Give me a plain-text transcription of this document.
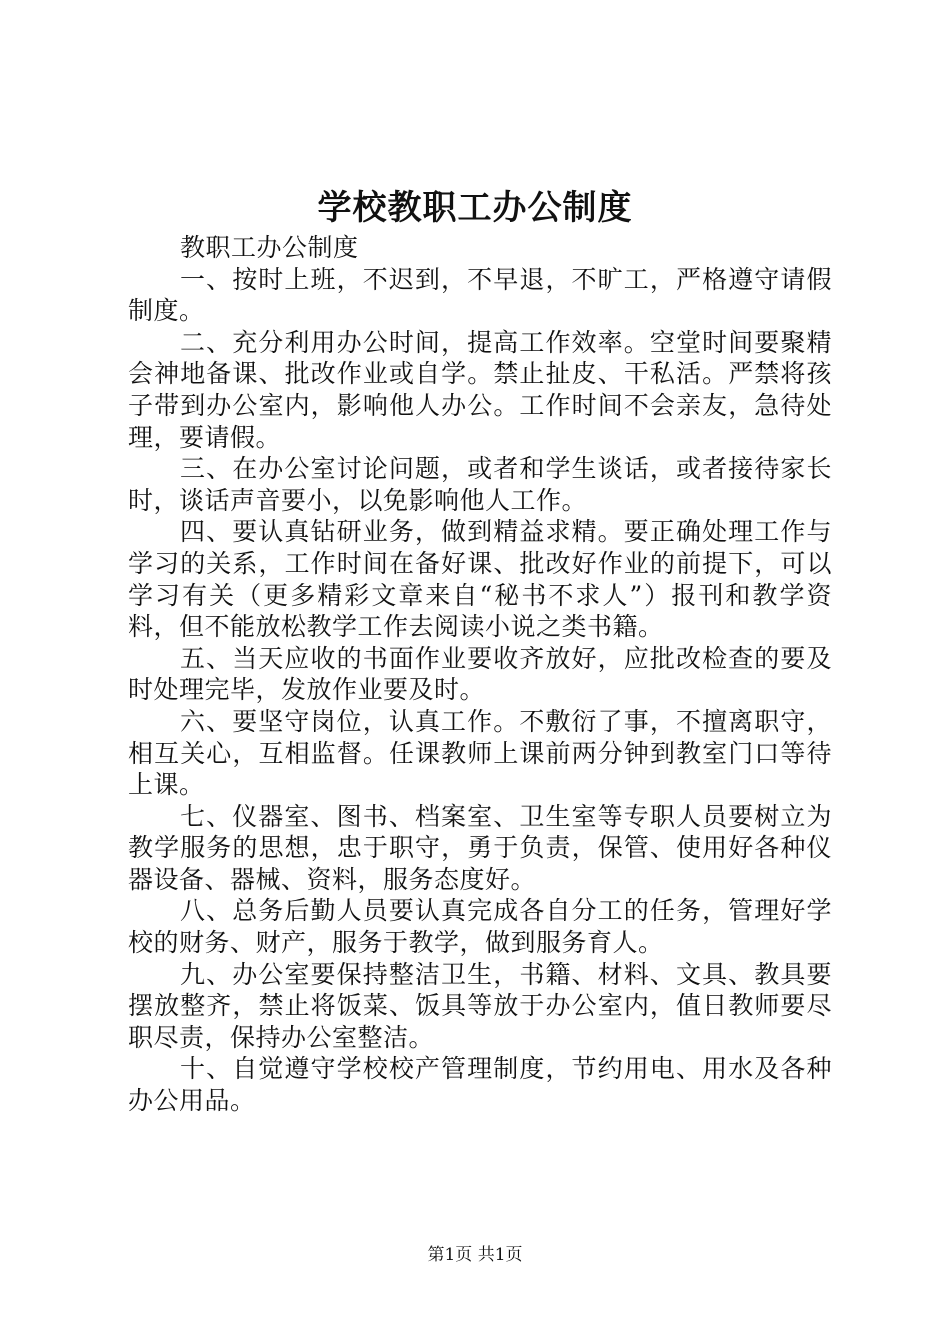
学校教职工办公制度

教职工办公制度

一、按时上班，不迟到，不早退，不旷工，严格遵守请假制度。

二、充分利用办公时间，提高工作效率。空堂时间要聚精会神地备课、批改作业或自学。禁止扯皮、干私活。严禁将孩子带到办公室内，影响他人办公。工作时间不会亲友，急待处理，要请假。

三、在办公室讨论问题，或者和学生谈话，或者接待家长时，谈话声音要小，以免影响他人工作。

四、要认真钻研业务，做到精益求精。要正确处理工作与学习的关系，工作时间在备好课、批改好作业的前提下，可以学习有关（更多精彩文章来自“秘书不求人”）报刊和教学资料，但不能放松教学工作去阅读小说之类书籍。

五、当天应收的书面作业要收齐放好，应批改检查的要及时处理完毕，发放作业要及时。

六、要坚守岗位，认真工作。不敷衍了事，不擅离职守，相互关心，互相监督。任课教师上课前两分钟到教室门口等待上课。

七、仪器室、图书、档案室、卫生室等专职人员要树立为教学服务的思想，忠于职守，勇于负责，保管、使用好各种仪器设备、器械、资料，服务态度好。

八、总务后勤人员要认真完成各自分工的任务，管理好学校的财务、财产，服务于教学，做到服务育人。

九、办公室要保持整洁卫生，书籍、材料、文具、教具要摆放整齐，禁止将饭菜、饭具等放于办公室内，值日教师要尽职尽责，保持办公室整洁。

十、自觉遵守学校校产管理制度，节约用电、用水及各种办公用品。

第1页 共1页
